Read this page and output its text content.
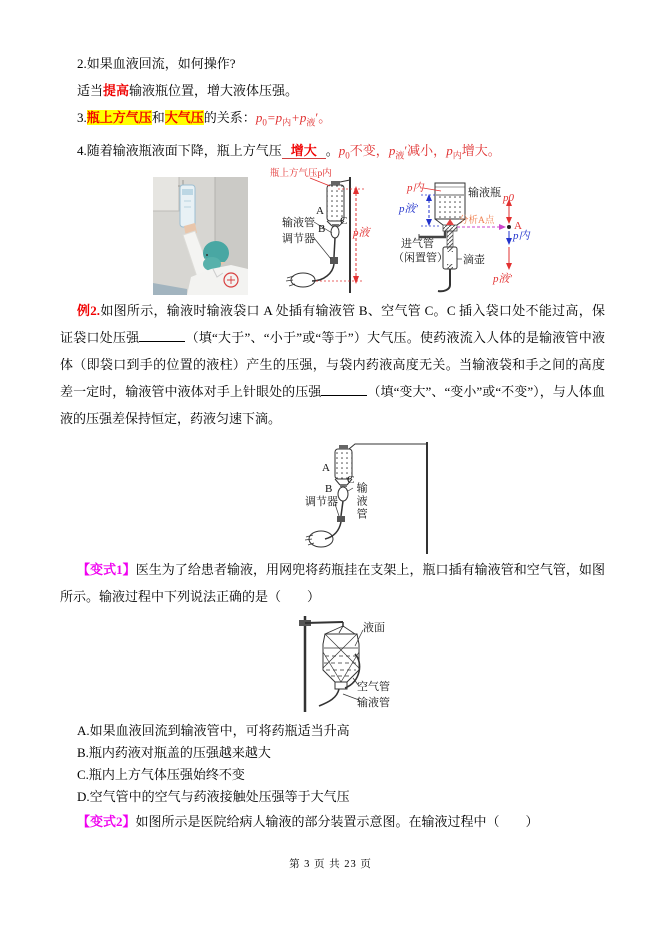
2.如果血液回流，如何操作?

适当提高输液瓶位置，增大液体压强。

3.瓶上方气压和大气压的关系：$p_0=p_内+p_液'$。

4.随着输液瓶液面下降，瓶上方气压 增大 。$p_0$不变，$p_液'$减小，$p_内$增大。

瓶上方气压p内
A
C
B
输液管
调节器	p液
p内	输液瓶
p液′
分析A点 A
p0
p内
p液′
进气管
（闲置管） 滴壶

例2.如图所示，输液时输液袋口 A 处插有输液管 B、空气管 C。C 插入袋口处不能过高，保证袋口处压强	（填“大于”、“小于”或“等于”）大气压。使药液流入人体的是输液管中液体（即袋口到手的位置的液柱）产生的压强，与袋内药液高度无关。当输液袋和手之间的高度差一定时，输液管中液体对手上针眼处的压强	（填“变大”、“变小”或“不变”），与人体血液的压强差保持恒定，药液匀速下滴。

A
C
B 输液管
调节器

【变式1】医生为了给患者输液，用网兜将药瓶挂在支架上，瓶口插有输液管和空气管，如图所示。输液过程中下列说法正确的是（　　）

液面
空气管
输液管

A.如果血液回流到输液管中，可将药瓶适当升高

B.瓶内药液对瓶盖的压强越来越大

C.瓶内上方气体压强始终不变

D.空气管中的空气与药液接触处压强等于大气压

【变式2】如图所示是医院给病人输液的部分装置示意图。在输液过程中（　　）

第 3 页 共 23 页
